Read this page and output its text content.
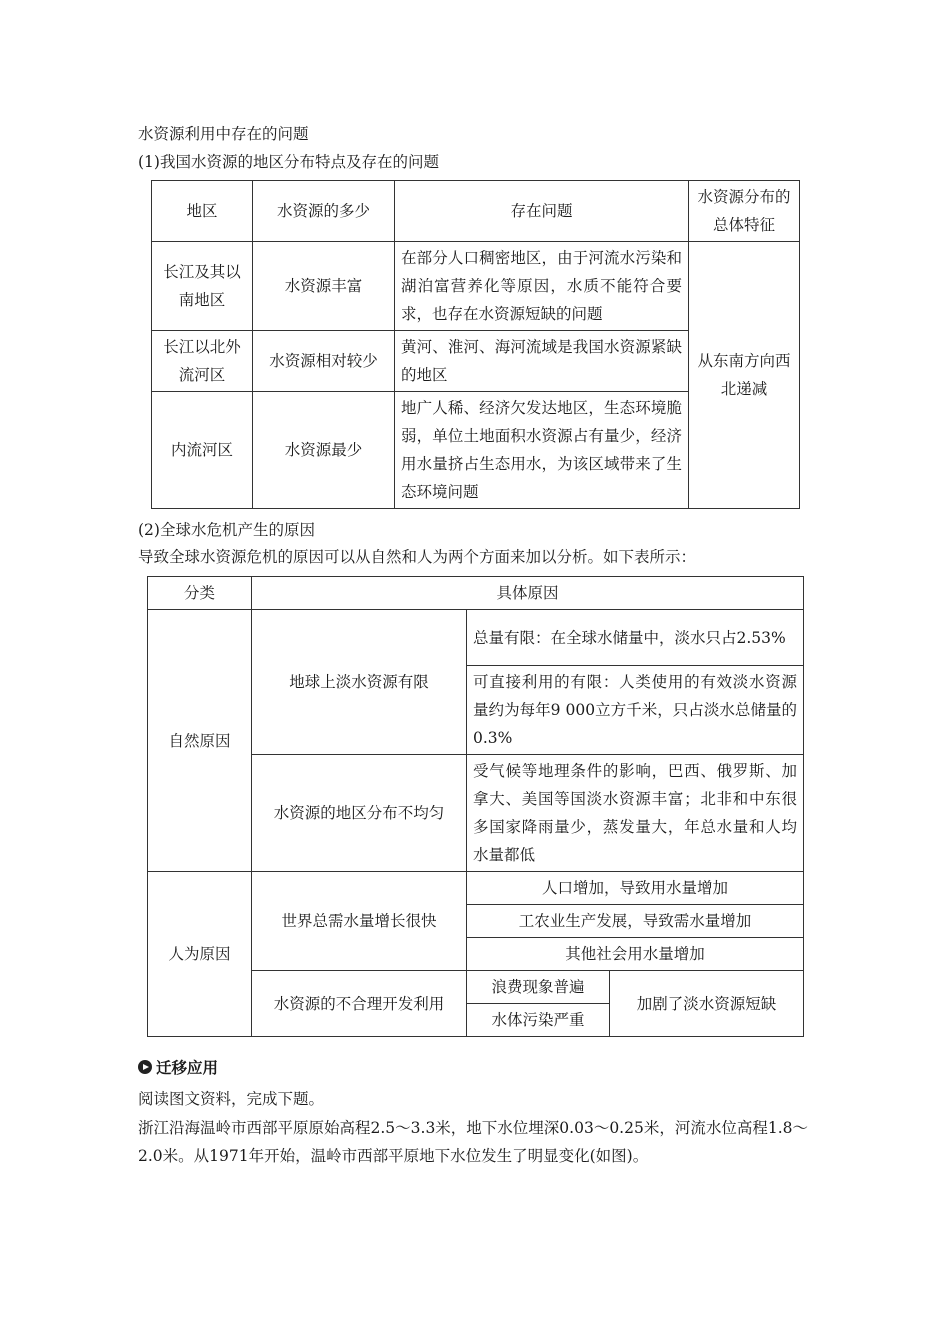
水资源利用中存在的问题
(1)我国水资源的地区分布特点及存在的问题
地区	水资源的多少	存在问题	水资源分布的总体特征
长江及其以南地区	水资源丰富	在部分人口稠密地区，由于河流水污染和湖泊富营养化等原因，水质不能符合要求，也存在水资源短缺的问题	从东南方向西北递减
长江以北外流河区	水资源相对较少	黄河、淮河、海河流域是我国水资源紧缺的地区	
内流河区	水资源最少	地广人稀、经济欠发达地区，生态环境脆弱，单位土地面积水资源占有量少，经济用水量挤占生态用水，为该区域带来了生态环境问题	
(2)全球水危机产生的原因
导致全球水资源危机的原因可以从自然和人为两个方面来加以分析。如下表所示：
分类	具体原因		
自然原因	地球上淡水资源有限	总量有限：在全球水储量中，淡水只占2.53%	
		可直接利用的有限：人类使用的有效淡水资源量约为每年9 000立方千米，只占淡水总储量的0.3%	
	水资源的地区分布不均匀	受气候等地理条件的影响，巴西、俄罗斯、加拿大、美国等国淡水资源丰富；北非和中东很多国家降雨量少，蒸发量大，年总水量和人均水量都低	
人为原因	世界总需水量增长很快	人口增加，导致用水量增加	
		工农业生产发展，导致需水量增加	
		其他社会用水量增加	
	水资源的不合理开发利用	浪费现象普遍	加剧了淡水资源短缺
		水体污染严重	
迁移应用
阅读图文资料，完成下题。
浙江沿海温岭市西部平原原始高程2.5～3.3米，地下水位埋深0.03～0.25米，河流水位高程1.8～2.0米。从1971年开始，温岭市西部平原地下水位发生了明显变化(如图)。
